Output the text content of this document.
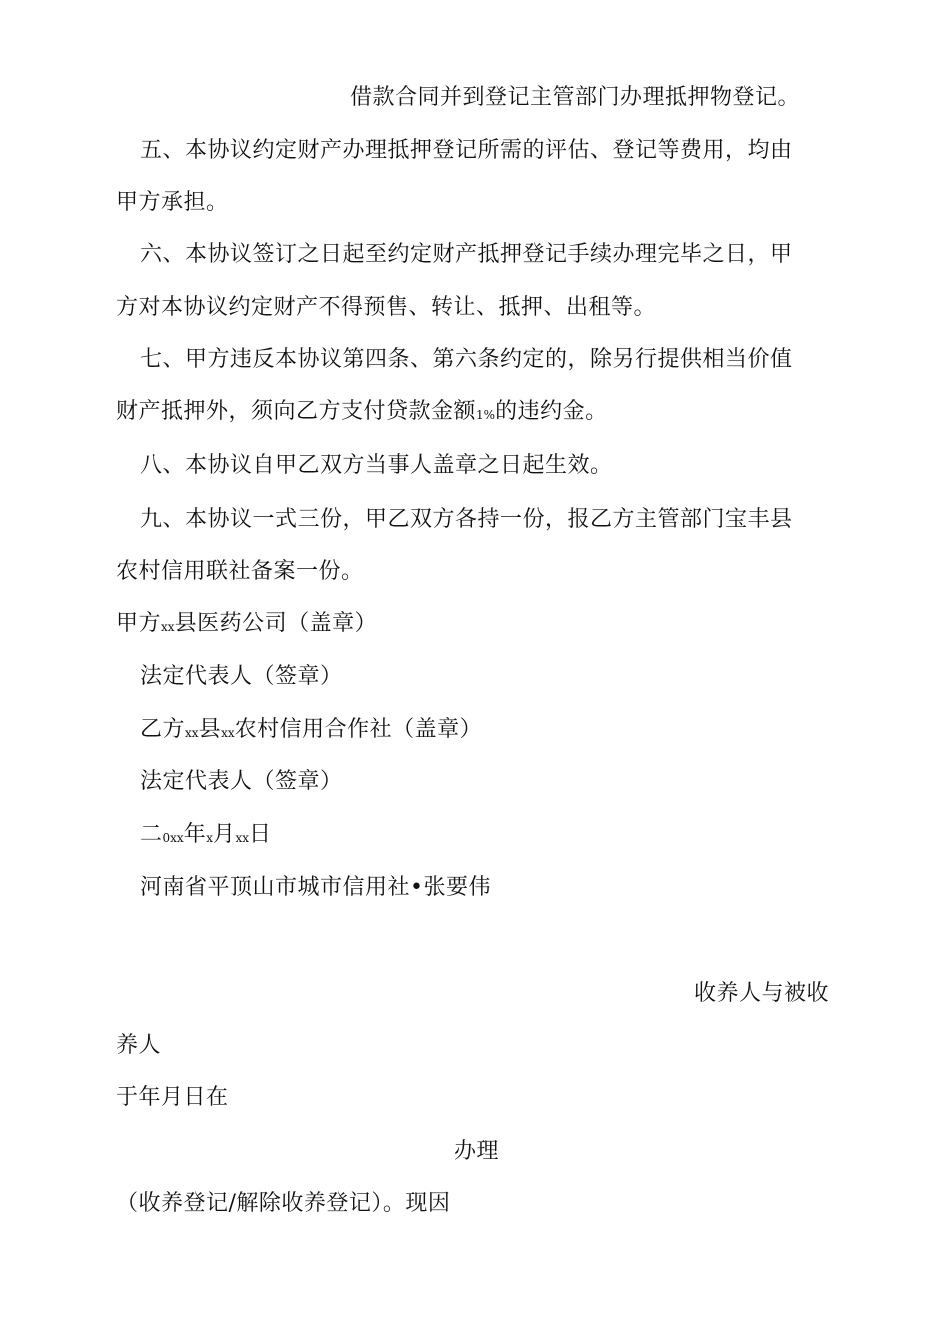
借款合同并到登记主管部门办理抵押物登记。
五、本协议约定财产办理抵押登记所需的评估、登记等费用，均由
甲方承担。
六、本协议签订之日起至约定财产抵押登记手续办理完毕之日，甲
方对本协议约定财产不得预售、转让、抵押、出租等。
七、甲方违反本协议第四条、第六条约定的，除另行提供相当价值
财产抵押外，须向乙方支付贷款金额1%的违约金。
八、本协议自甲乙双方当事人盖章之日起生效。
九、本协议一式三份，甲乙双方各持一份，报乙方主管部门宝丰县
农村信用联社备案一份。
甲方xx县医药公司（盖章）
法定代表人（签章）
乙方xx县xx农村信用合作社（盖章）
法定代表人（签章）
二0xx年x月xx日
河南省平顶山市城市信用社•张要伟
收养人与被收
养人
于年月日在
办理
（收养登记/解除收养登记）。现因
